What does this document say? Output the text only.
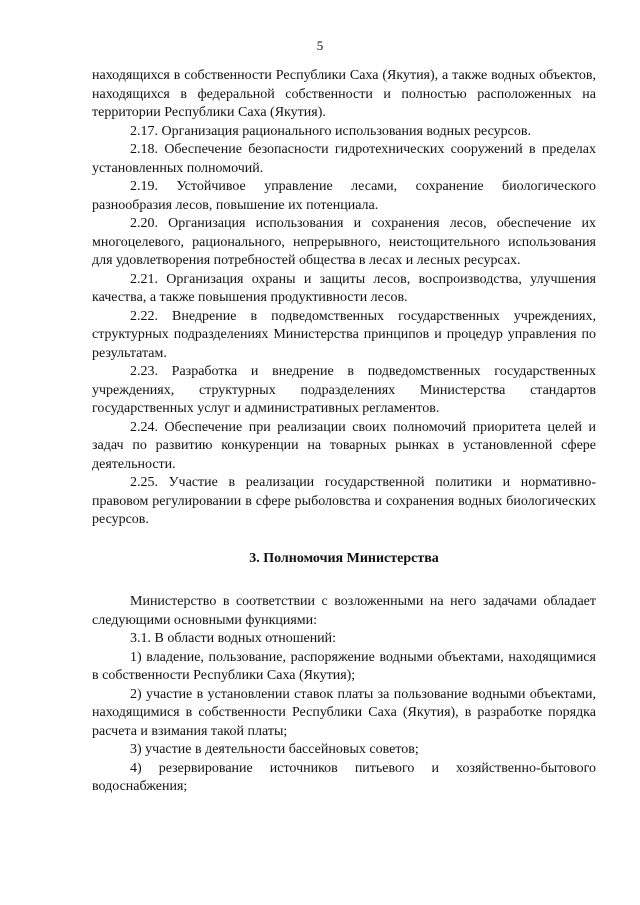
5

находящихся в собственности Республики Саха (Якутия), а также водных объектов, находящихся в федеральной собственности и полностью расположенных на территории Республики Саха (Якутия).

2.17. Организация рационального использования водных ресурсов.

2.18. Обеспечение безопасности гидротехнических сооружений в пределах установленных полномочий.

2.19. Устойчивое управление лесами, сохранение биологического разнообразия лесов, повышение их потенциала.

2.20. Организация использования и сохранения лесов, обеспечение их многоцелевого, рационального, непрерывного, неистощительного использования для удовлетворения потребностей общества в лесах и лесных ресурсах.

2.21. Организация охраны и защиты лесов, воспроизводства, улучшения качества, а также повышения продуктивности лесов.

2.22. Внедрение в подведомственных государственных учреждениях, структурных подразделениях Министерства принципов и процедур управления по результатам.

2.23. Разработка и внедрение в подведомственных государственных учреждениях, структурных подразделениях Министерства стандартов государственных услуг и административных регламентов.

2.24. Обеспечение при реализации своих полномочий приоритета целей и задач по развитию конкуренции на товарных рынках в установленной сфере деятельности.

2.25. Участие в реализации государственной политики и нормативно-правовом регулировании в сфере рыболовства и сохранения водных биологических ресурсов.

3. Полномочия Министерства

Министерство в соответствии с возложенными на него задачами обладает следующими основными функциями:

3.1. В области водных отношений:

1) владение, пользование, распоряжение водными объектами, находящимися в собственности Республики Саха (Якутия);

2) участие в установлении ставок платы за пользование водными объектами, находящимися в собственности Республики Саха (Якутия), в разработке порядка расчета и взимания такой платы;

3) участие в деятельности бассейновых советов;

4) резервирование источников питьевого и хозяйственно-бытового водоснабжения;
